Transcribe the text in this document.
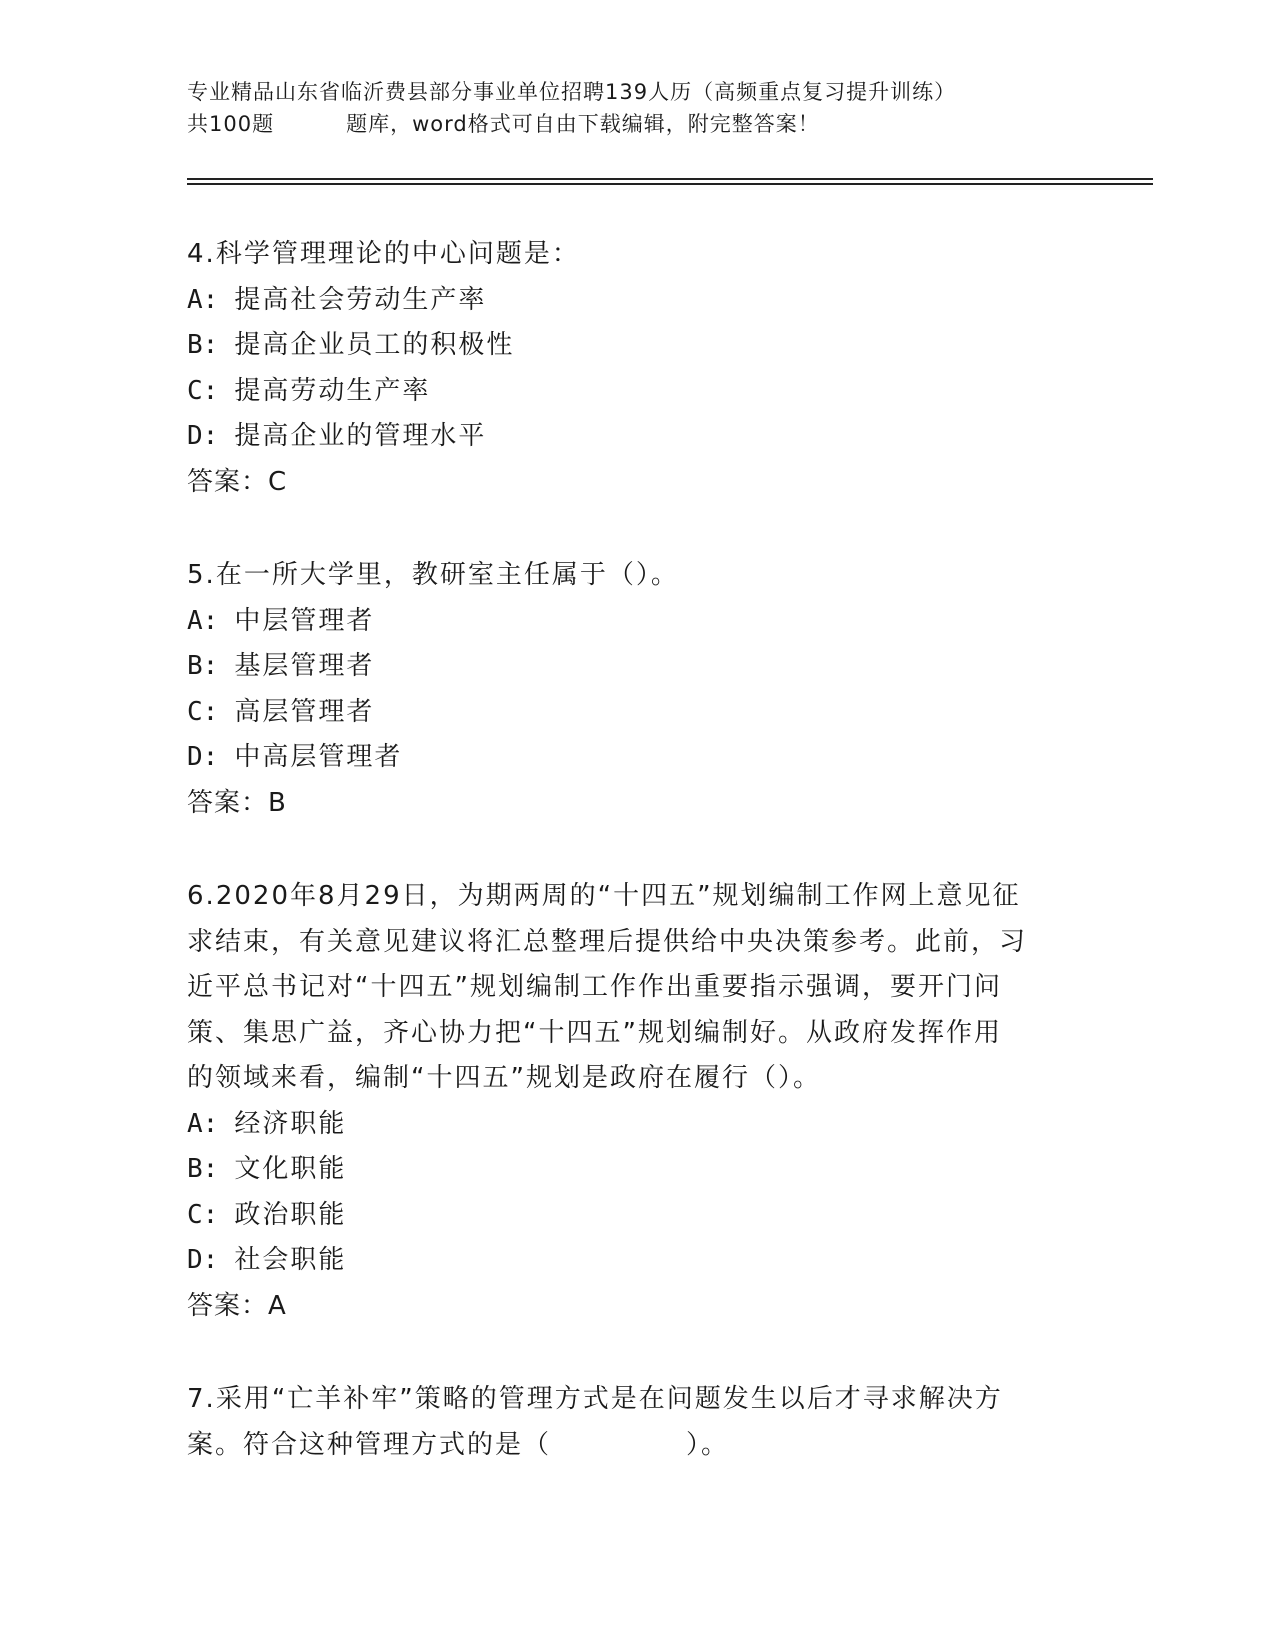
专业精品山东省临沂费县部分事业单位招聘139人历（高频重点复习提升训练）
共100题	题库，word格式可自由下载编辑，附完整答案！
4.科学管理理论的中心问题是：
A: 提高社会劳动生产率
B: 提高企业员工的积极性
C: 提高劳动生产率
D: 提高企业的管理水平
答案：C
5.在一所大学里，教研室主任属于（）。
A: 中层管理者
B: 基层管理者
C: 高层管理者
D: 中高层管理者
答案：B
6.2020年8月29日，为期两周的“十四五”规划编制工作网上意见征
求结束，有关意见建议将汇总整理后提供给中央决策参考。此前，习
近平总书记对“十四五”规划编制工作作出重要指示强调，要开门问
策、集思广益，齐心协力把“十四五”规划编制好。从政府发挥作用
的领域来看，编制“十四五”规划是政府在履行（）。
A: 经济职能
B: 文化职能
C: 政治职能
D: 社会职能
答案：A
7.采用“亡羊补牢”策略的管理方式是在问题发生以后才寻求解决方
案。符合这种管理方式的是（	）。
